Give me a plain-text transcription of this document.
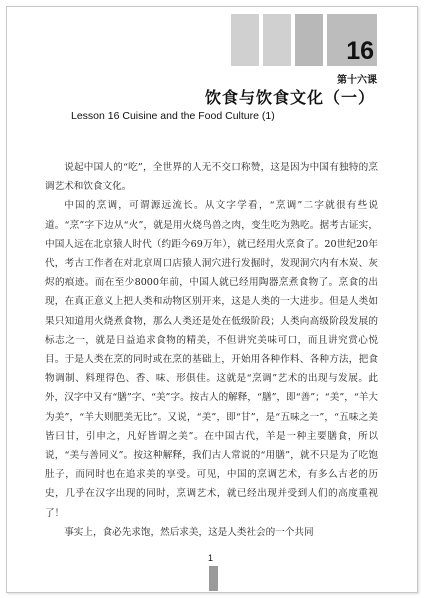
16
第十六课
饮食与饮食文化（一）
Lesson 16 Cuisine and the Food Culture (1)

说起中国人的“吃”，全世界的人无不交口称赞，这是因为中国有独特的烹调艺术和饮食文化。

中国的烹调，可谓源远流长。从文字学看，“烹调”二字就很有些说道。“烹”字下边从“火”，就是用火烧鸟兽之肉，变生吃为熟吃。据考古证实，中国人远在北京猿人时代（约距今69万年），就已经用火烹食了。20世纪20年代，考古工作者在对北京周口店猿人洞穴进行发掘时，发现洞穴内有木炭、灰烬的痕迹。而在至少8000年前，中国人就已经用陶器烹煮食物了。烹食的出现，在真正意义上把人类和动物区别开来，这是人类的一大进步。但是人类如果只知道用火烧煮食物，那么人类还是处在低级阶段；人类向高级阶段发展的标志之一，就是日益追求食物的精美，不但讲究美味可口，而且讲究赏心悦目。于是人类在烹的同时或在烹的基础上，开始用各种作料、各种方法，把食物调制、料理得色、香、味、形俱佳。这就是“烹调”艺术的出现与发展。此外，汉字中又有“膳”字、“美”字。按古人的解释，“膳”，即“善”；“美”，“羊大为美”，“羊大则肥美无比”。又说，“美”，即“甘”，是“五味之一”，“五味之美皆曰甘，引申之，凡好皆谓之美”。在中国古代，羊是一种主要膳食，所以说，“美与善同义”。按这种解释，我们古人常说的“用膳”，就不只是为了吃饱肚子，而同时也在追求美的享受。可见，中国的烹调艺术，有多么古老的历史，几乎在汉字出现的同时，烹调艺术，就已经出现并受到人们的高度重视了！

事实上，食必先求饱，然后求美，这是人类社会的一个共同

1
